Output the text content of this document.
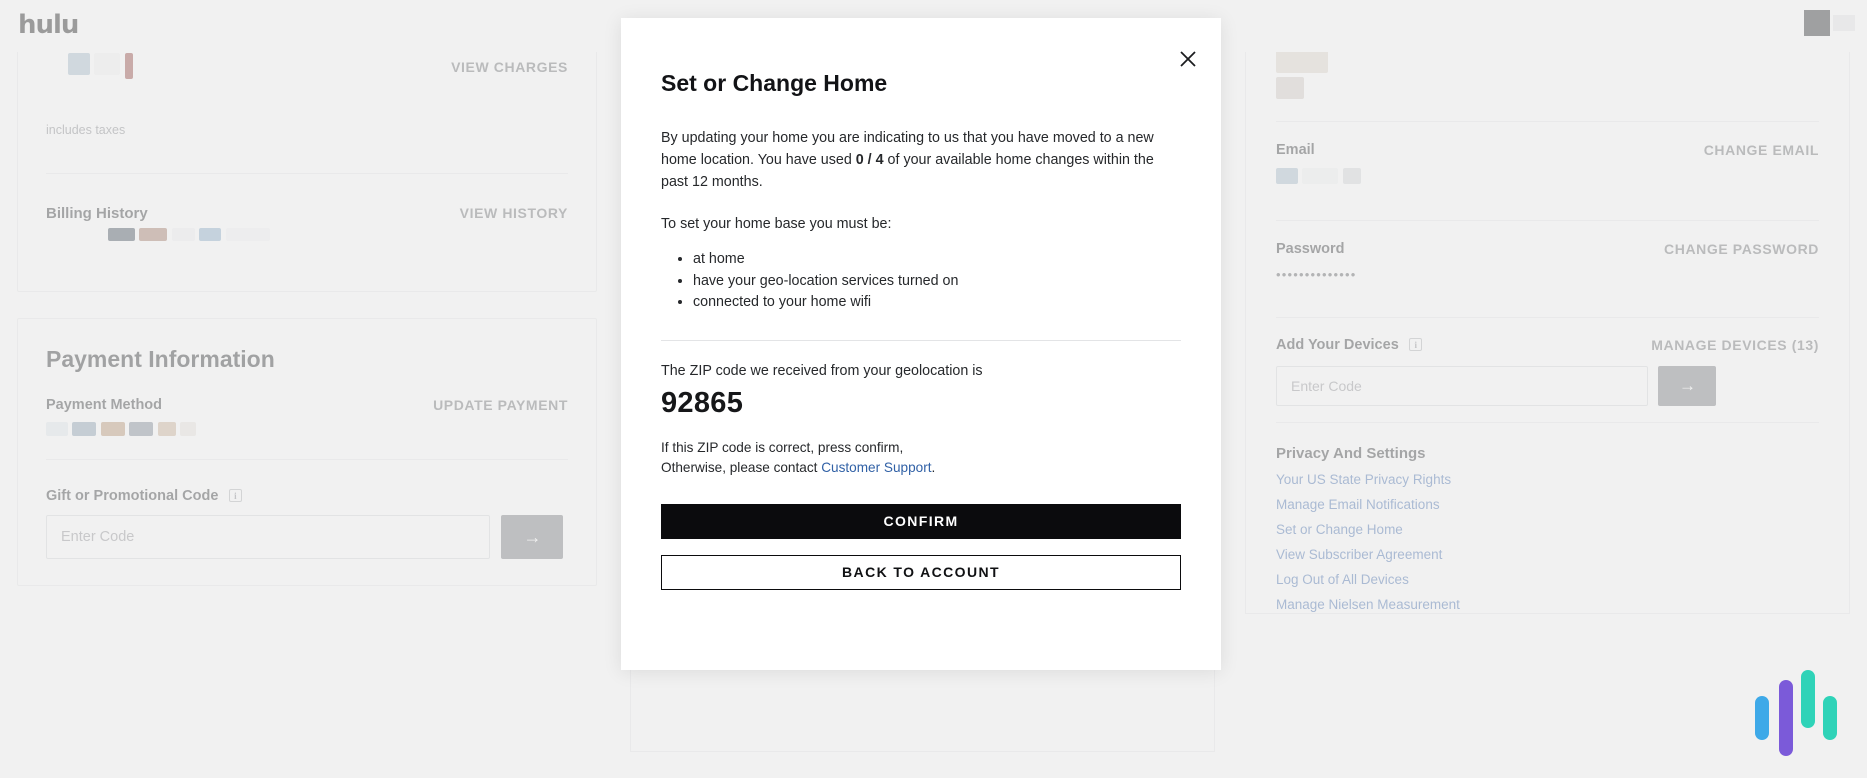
Enter Code

Enter Code
Set or Change Home

By updating your home you are indicating to us that you have moved to a new home location. You have used 0 / 4 of your available home changes within the past 12 months.

To set your home base you must be:

• at home
• have your geo-location services turned on
• connected to your home wifi

The ZIP code we received from your geolocation is

92865

If this ZIP code is correct, press confirm,
Otherwise, please contact Customer Support.

CONFIRM
BACK TO ACCOUNT
